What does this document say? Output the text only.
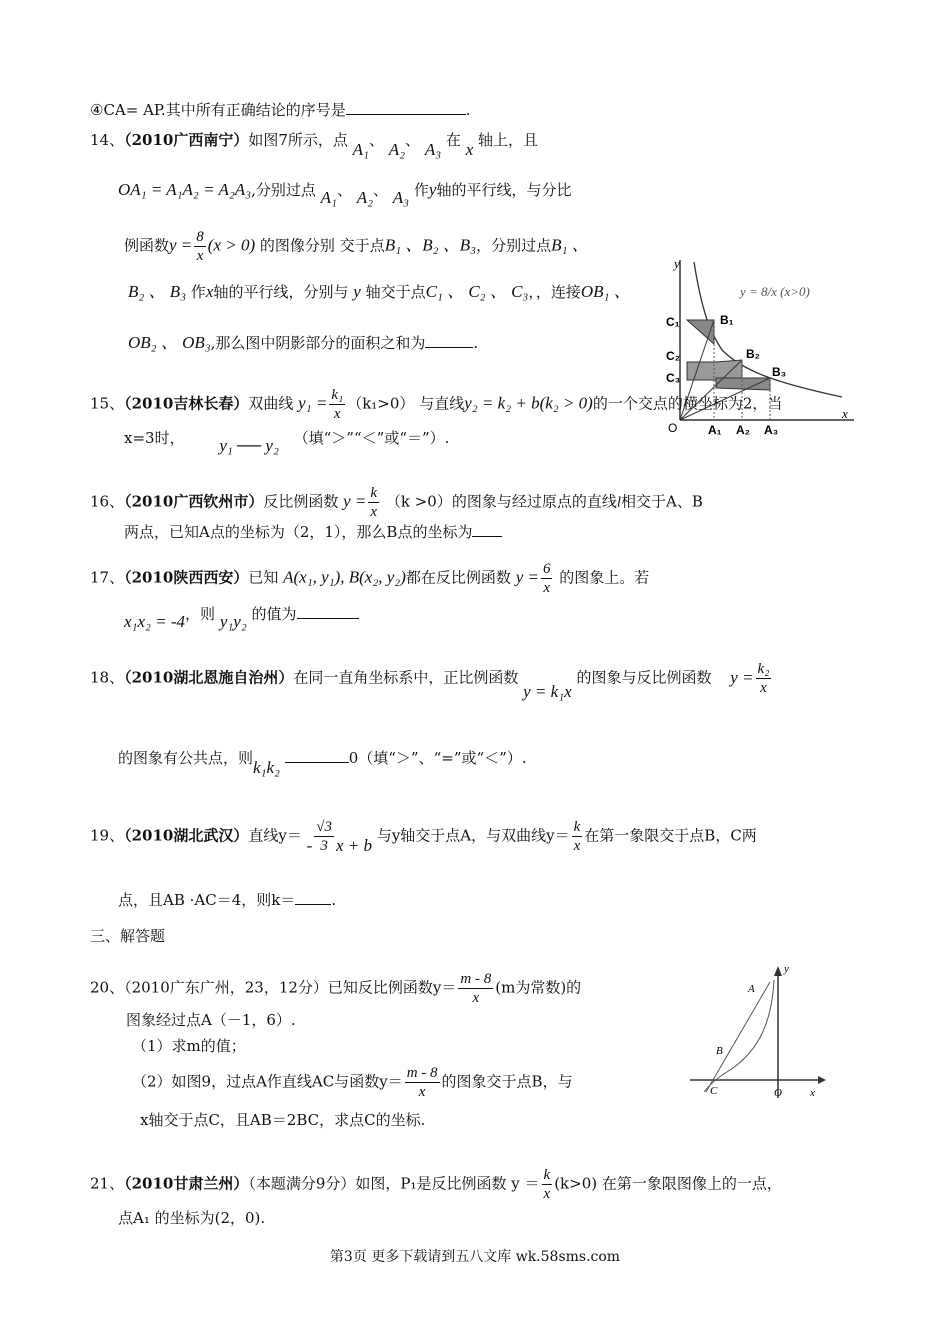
④CA= AP.其中所有正确结论的序号是	.
14、（2010广西南宁）如图7所示，点 A₁、 A₂、 A₃ 在 x 轴上，且
OA₁ = A₁A₂ = A₂A₃,分别过点 A₁、 A₂、 A₃ 作y轴的平行线，与分比
例函数$y = \frac{8}{x} (x > 0)$ 的图像分别 交于点B₁ 、B₂ 、B₃，分别过点B₁ 、
B₂ 、 B₃ 作x轴的平行线，分别与 y 轴交于点C₁ 、 C₂ 、 C₃，，连接OB₁ 、
OB₂ 、 OB₃,那么图中阴影部分的面积之和为	.
y
x
O
y = 8/x (x>0)
C₁
C₂
C₃
B₁
B₂
B₃
A₁ A₂ A₃
15、（2010吉林长春）双曲线 $y_1 = \frac{\text{k₁}}{x} (k_1>0)$ 与直线y₂ = k₂ + b(k₂ > 0)的一个交点的横坐标为2，当
x=3时， y₁ ── y₂ （填“＞”“＜”或“＝”）.
16、（2010广西钦州市）反比例函数 $y = \frac{k}{x} (k >0)$的图象与经过原点的直线l相交于A、B
两点，已知A点的坐标为（2，1），那么B点的坐标为
17、（2010陕西西安）已知 A(x₁, y₁), B(x₂, y₂)都在反比例函数 $y = \frac{6}{x}$ 的图象上。若
x₁x₂ = -4，则 y₁y₂ 的值为
18、（2010湖北恩施自治州）在同一直角坐标系中，正比例函数 y = k₁x 的图象与反比例函数 $y = \frac{\text{k₂}}{x}$
的图象有公共点，则k₁k₂	0（填“＞”、“=”或“＜”）.
19、（2010湖北武汉）直线$y= - \frac{√3}{3}$ x + b 与y轴交于点A，与双曲线$y= \frac{k}{x}$ 在第一象限交于点B，C两
点，且AB ·AC＝4，则k＝ .
三、解答题
20、（2010广东广州，23，12分）已知反比例函数$y= \frac{m - 8}{x} (m$为常数)的
图象经过点A（－1，6）.
（1）求m的值；
（2）如图9，过点A作直线AC与函数$y= \frac{m - 8}{x}$ 的图象交于点B，与
x轴交于点C，且AB＝2BC，求点C的坐标.
y
x
A
B
C	O
21、（2010甘肃兰州）（本题满分9分）如图，P₁是反比例函数 $y = \frac{k}{x} (k>0)$ 在第一象限图像上的一点，
点A₁ 的坐标为(2，0).
第3页 更多下载请到五八文库 wk.58sms.com
